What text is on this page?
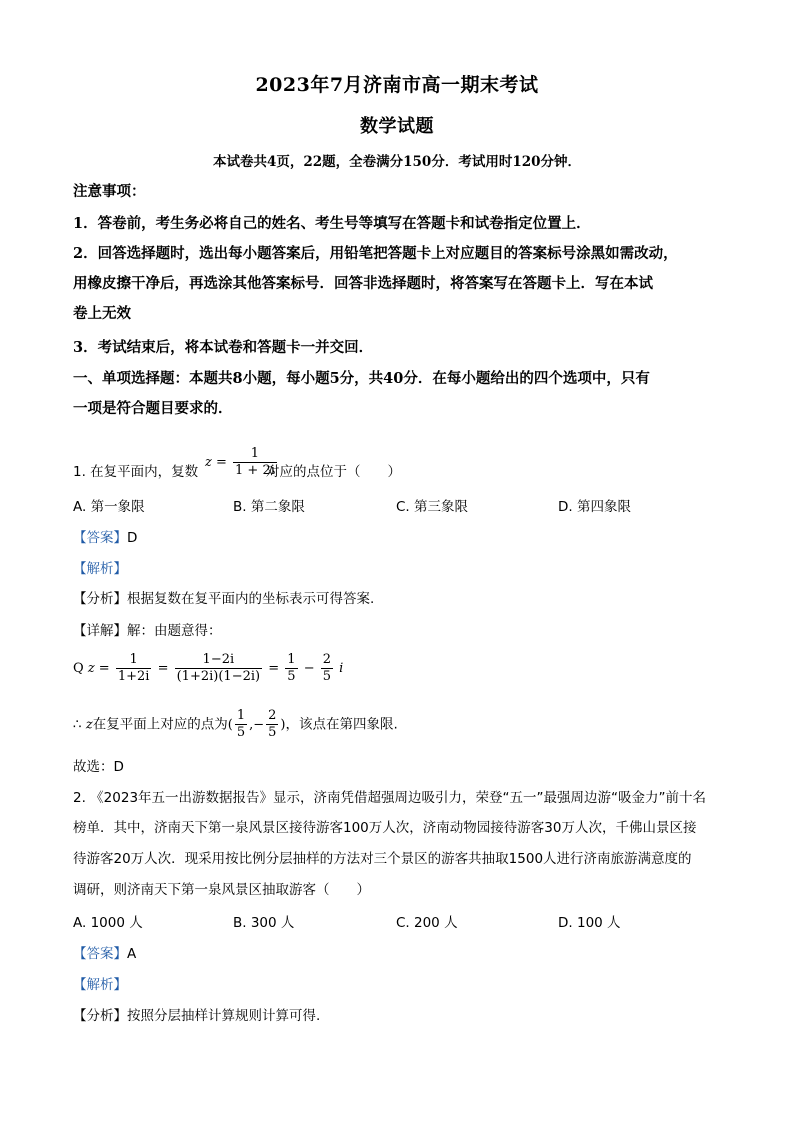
2023年7月济南市高一期末考试
数学试题
本试卷共4页，22题，全卷满分150分．考试用时120分钟．
注意事项：
1．答卷前，考生务必将自己的姓名、考生号等填写在答题卡和试卷指定位置上．
2．回答选择题时，选出每小题答案后，用铅笔把答题卡上对应题目的答案标号涂黑如需改动，
用橡皮擦干净后，再选涂其他答案标号．回答非选择题时，将答案写在答题卡上．写在本试
卷上无效
3．考试结束后，将本试卷和答题卡一并交回．
一、单项选择题：本题共8小题，每小题5分，共40分．在每小题给出的四个选项中，只有
一项是符合题目要求的．
1. 在复平面内，复数
$z = \frac{1}{1 + 2i}$
对应的点位于（　　）
A. 第一象限	B. 第二象限	C. 第三象限	D. 第四象限
【答案】D
【解析】
【分析】根据复数在复平面内的坐标表示可得答案.
【详解】解：由题意得：
Q $z = \frac{1}{1+2i} = \frac{1-2i}{(1+2i)(1-2i)} = \frac{1}{5} - \frac{2}{5}$ i
∴ z在复平面上对应的点为( $\frac{1}{5}$ ,− $\frac{2}{5}$ )，该点在第四象限.
故选：D
2. 《2023年五一出游数据报告》显示，济南凭借超强周边吸引力，荣登“五一”最强周边游“吸金力”前十名
榜单．其中，济南天下第一泉风景区接待游客100万人次，济南动物园接待游客30万人次，千佛山景区接
待游客20万人次．现采用按比例分层抽样的方法对三个景区的游客共抽取1500人进行济南旅游满意度的
调研，则济南天下第一泉风景区抽取游客（　　）
A. 1000 人	B. 300 人	C. 200 人	D. 100 人
【答案】A
【解析】
【分析】按照分层抽样计算规则计算可得.
